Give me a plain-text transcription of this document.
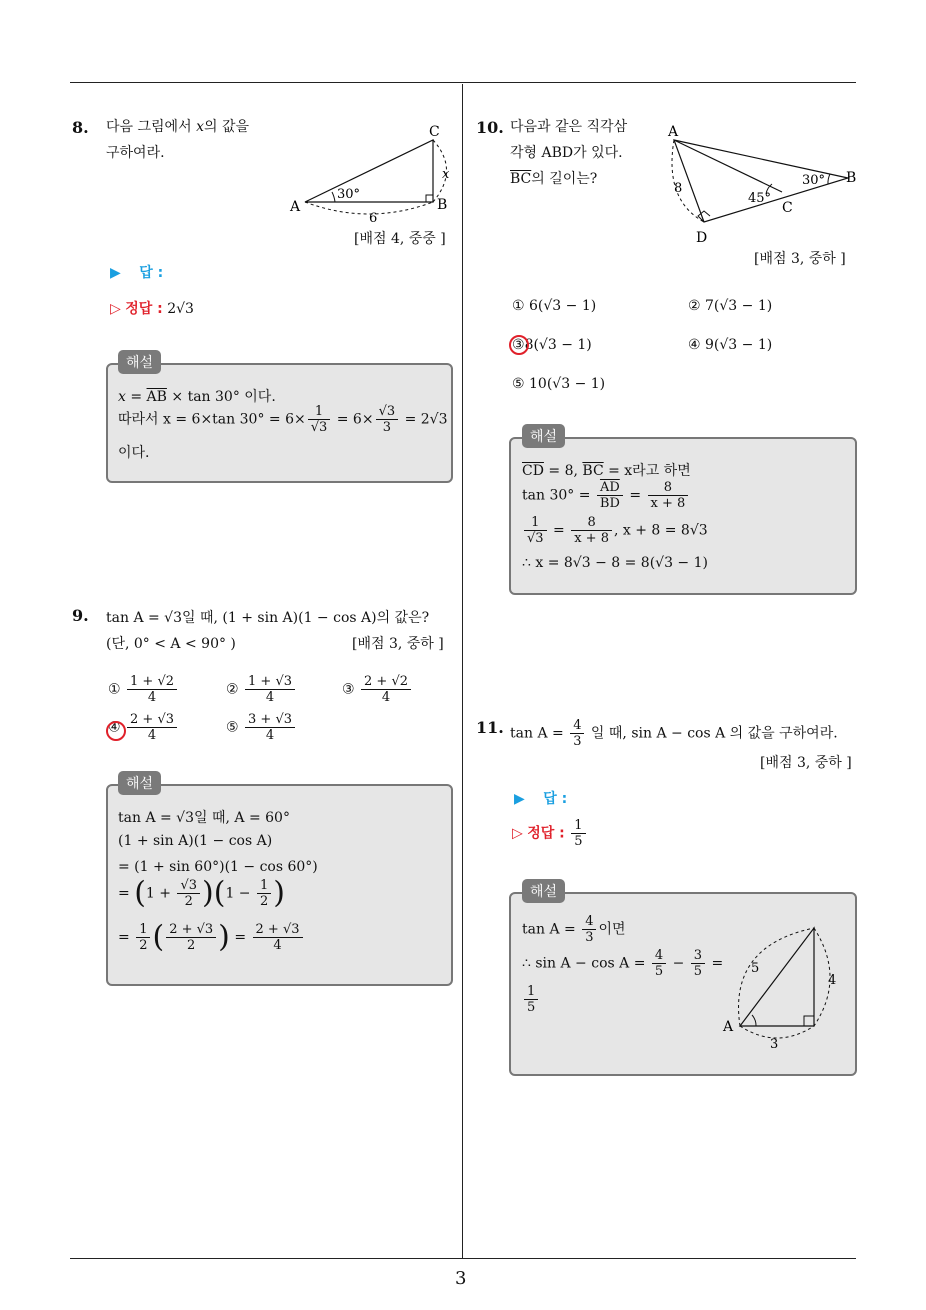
3
8. 다음 그림에서 x의 값을
구하여라.
A	B
C
30°
6
x
[배점 4, 중중 ]
▶ 답 :
▷ 정답 : 2√3
해설
$x = \overline{AB} \times \tan 30^\circ$ 이다.
따라서 x = 6×tan $30^\circ = 6\times \frac{1}{√3} = 6\times \frac{√3}{3} = 2√3$
이다.
9. tan A = √3일 때, (1 + sin A)(1 − cos A)의 값은?
(단, 0° < A < 90° )	[배점 3, 중하 ]
① $\frac{1 + √2}{4}$	② $\frac{1 + √3}{4}$	③ $\frac{2 + √2}{4}$
④ $\frac{2 + √3}{4}$	⑤ $\frac{3 + √3}{4}$
해설
tan A = √3일 때, A = 60°
(1 + sin A)(1 − cos A)
= (1 + sin 60°)(1 − cos 60°)
= $(1 + \frac{√3}{2} )(1 - \frac{1}{2}$ )
= $\frac{1}{2}$ ( $\frac{2 + √3}{2}$ ) = $\frac{2 + √3}{4}$
10. 다음과 같은 직각삼
각형 ABD가 있다.
$\overline{BC}$의 길이는?
A
B
C
D
8
45°
30°
[배점 3, 중하 ]
① 6(√3 − 1)	② 7(√3 − 1)
③8(√3 − 1)	④ 9(√3 − 1)
⑤ 10(√3 − 1)
해설
$\overline{CD} = 8$, $\overline{BC} = x$라고 하면
$\tan 30^\circ = \frac{\overline{AD}}{BD} = \frac{8}{x + 8}$
$\frac{1}{√3} = \frac{8}{x + 8}$ , x + 8 = 8√3
∴ x = 8√3 − 8 = 8(√3 − 1)
11. $\tan A = \frac{4}{3}$ 일 때, sin A − cos A 의 값을 구하여라.
[배점 3, 중하 ]
▶ 답 :
▷ 정답 : $\frac{1}{5}$
해설
$\tan A = \frac{4}{3}$ 이면
∴ $\sin A - \cos A = \frac{4}{5} - \frac{3}{5}$ =
$\frac{1}{5}$
A
5
4
3
